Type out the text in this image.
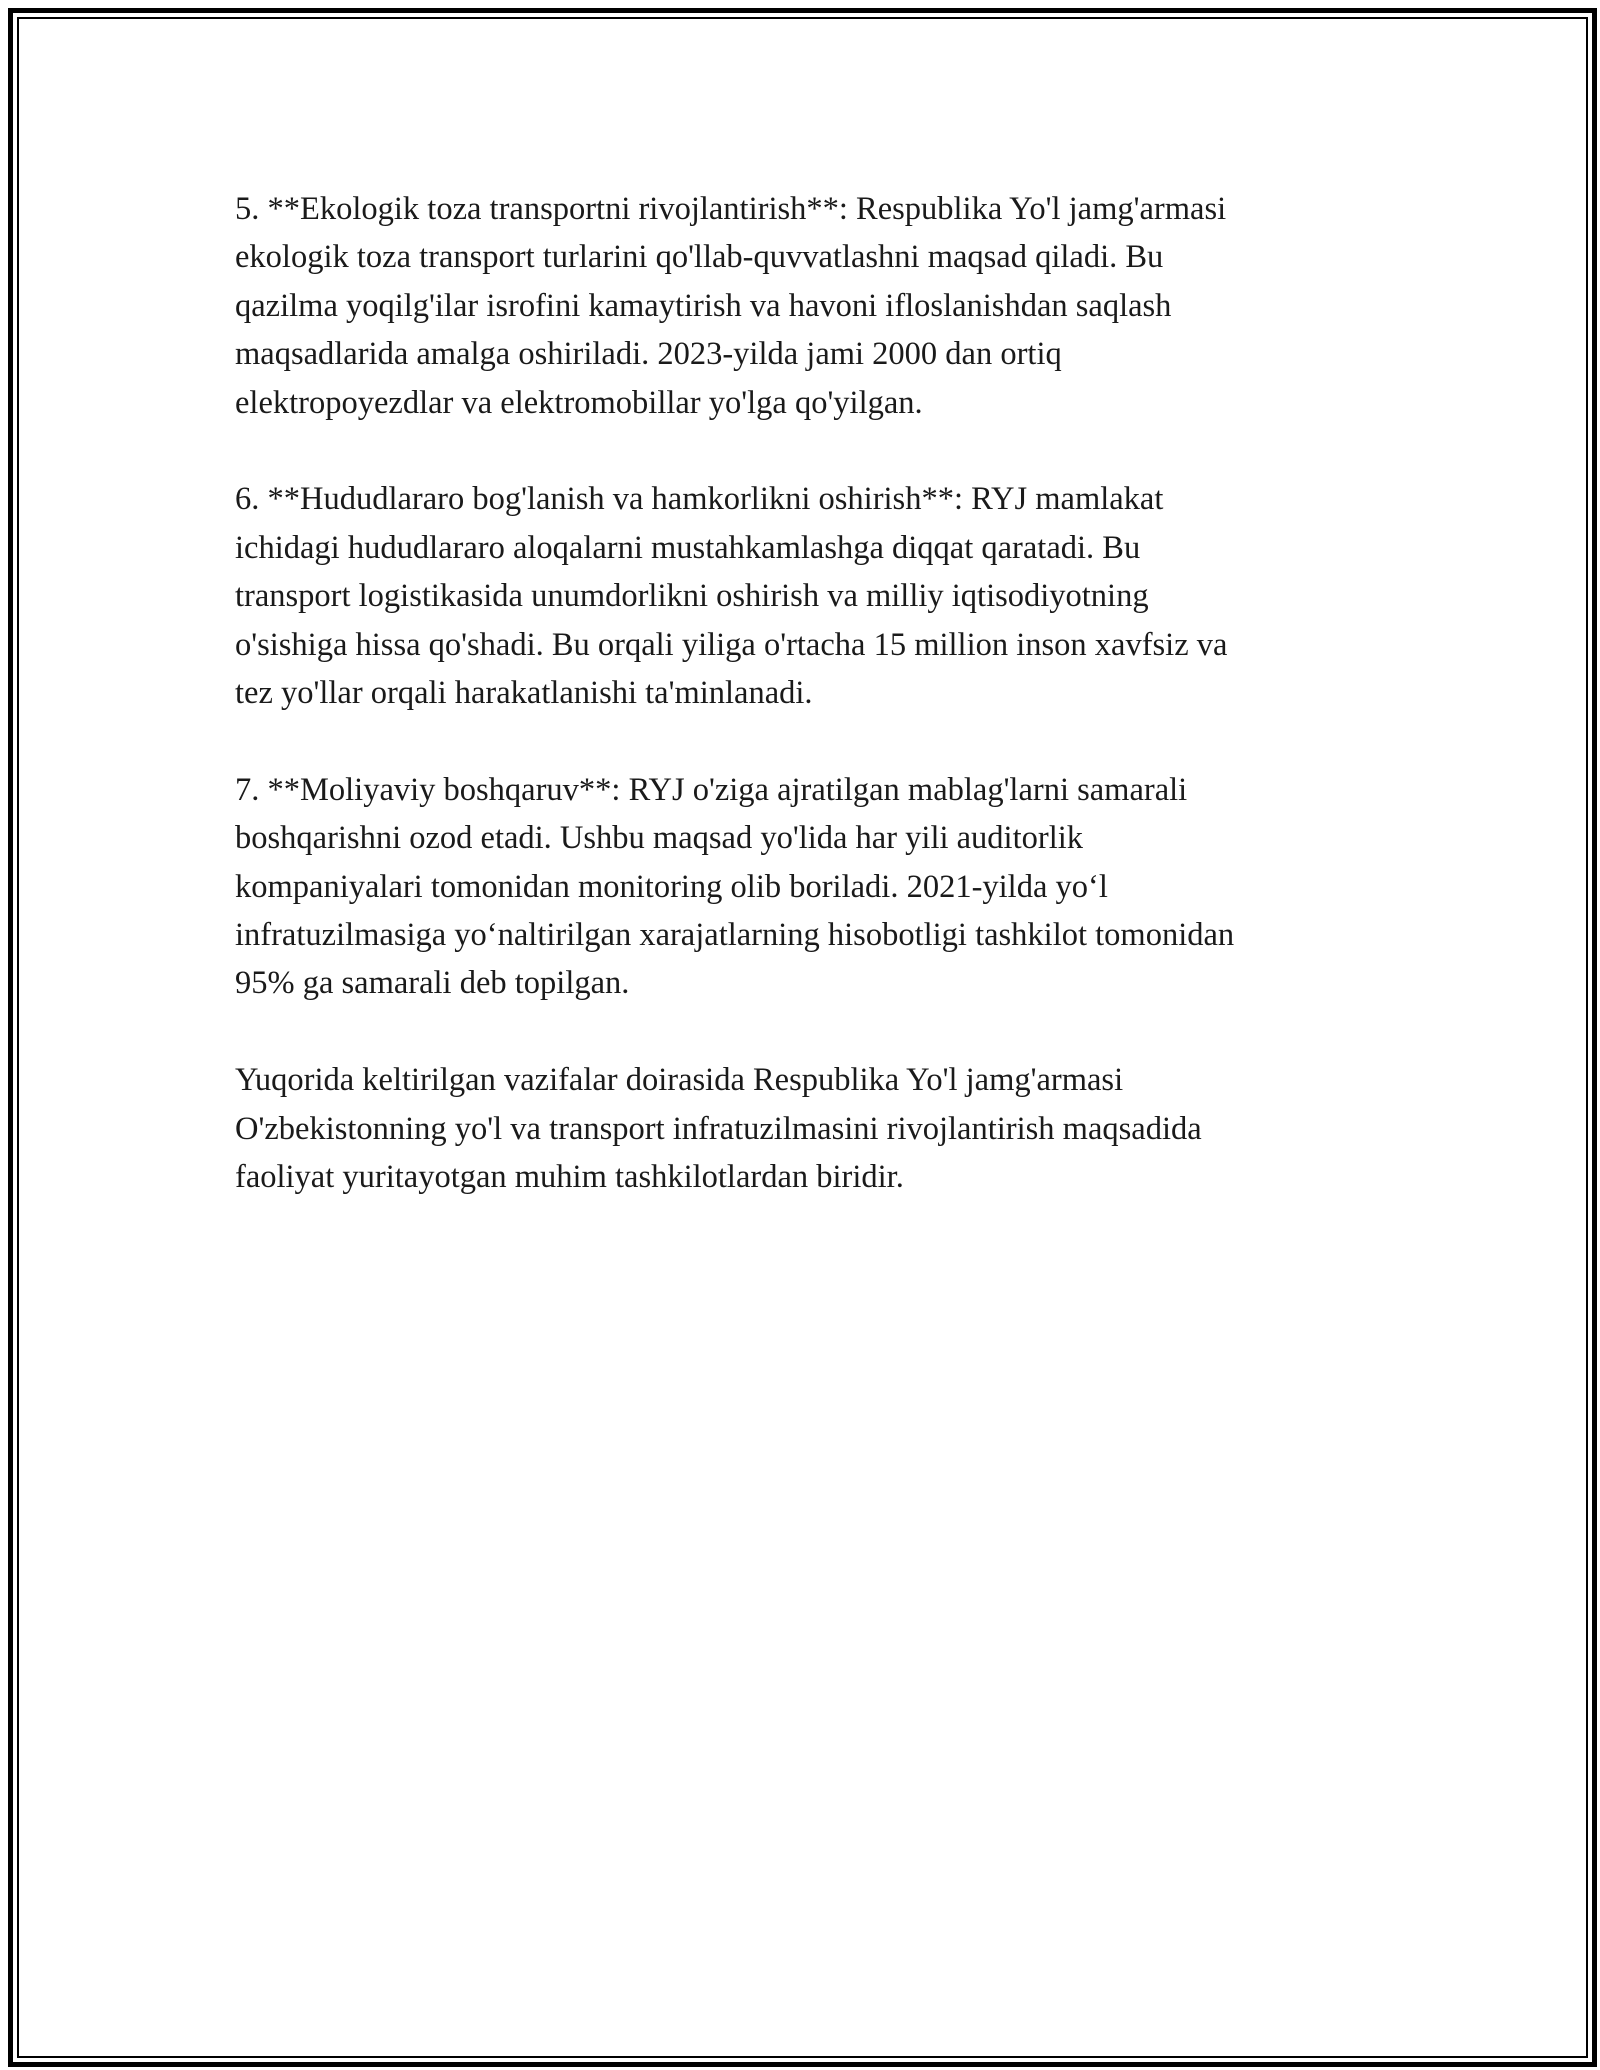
5. **Ekologik toza transportni rivojlantirish**: Respublika Yo'l jamg'armasi
ekologik toza transport turlarini qo'llab-quvvatlashni maqsad qiladi. Bu
qazilma yoqilg'ilar isrofini kamaytirish va havoni ifloslanishdan saqlash
maqsadlarida amalga oshiriladi. 2023-yilda jami 2000 dan ortiq
elektropoyezdlar va elektromobillar yo'lga qo'yilgan.

6. **Hududlararo bog'lanish va hamkorlikni oshirish**: RYJ mamlakat
ichidagi hududlararo aloqalarni mustahkamlashga diqqat qaratadi. Bu
transport logistikasida unumdorlikni oshirish va milliy iqtisodiyotning
o'sishiga hissa qo'shadi. Bu orqali yiliga o'rtacha 15 million inson xavfsiz va
tez yo'llar orqali harakatlanishi ta'minlanadi.

7. **Moliyaviy boshqaruv**: RYJ o'ziga ajratilgan mablag'larni samarali
boshqarishni ozod etadi. Ushbu maqsad yo'lida har yili auditorlik
kompaniyalari tomonidan monitoring olib boriladi. 2021-yilda yo‘l
infratuzilmasiga yo‘naltirilgan xarajatlarning hisobotligi tashkilot tomonidan
95% ga samarali deb topilgan.

Yuqorida keltirilgan vazifalar doirasida Respublika Yo'l jamg'armasi
O'zbekistonning yo'l va transport infratuzilmasini rivojlantirish maqsadida
faoliyat yuritayotgan muhim tashkilotlardan biridir.
